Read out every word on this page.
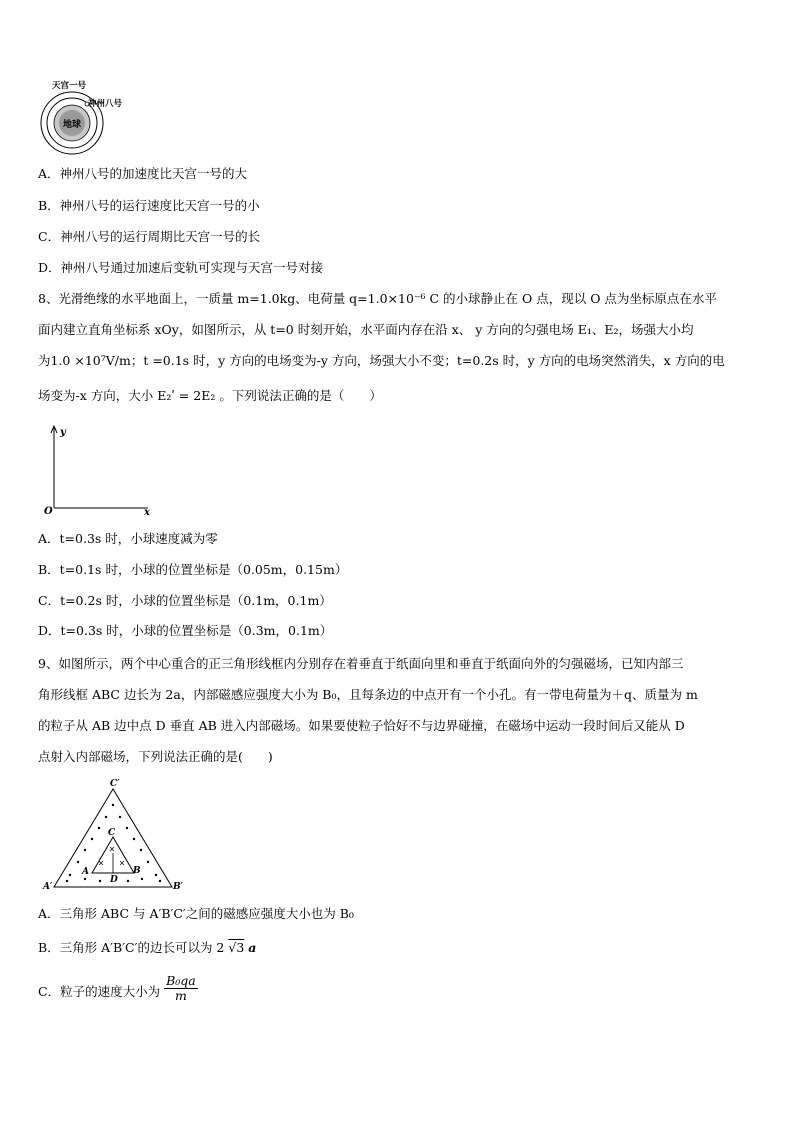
天宫一号
神州八号
地球
A．神州八号的加速度比天宫一号的大
B．神州八号的运行速度比天宫一号的小
C．神州八号的运行周期比天宫一号的长
D．神州八号通过加速后变轨可实现与天宫一号对接
8、光滑绝缘的水平地面上，一质量 m=1.0kg、电荷量 q=1.0×10⁻⁶ C 的小球静止在 O 点，现以 O 点为坐标原点在水平
面内建立直角坐标系 xOy，如图所示，从 t=0 时刻开始，水平面内存在沿 x、 y 方向的匀强电场 E₁、E₂，场强大小均
为1.0 ×10⁷V/m；t =0.1s 时，y 方向的电场变为-y 方向，场强大小不变；t=0.2s 时，y 方向的电场突然消失，x 方向的电
场变为-x 方向，大小 E₂ʹ = 2E₂ 。下列说法正确的是（　　）
y
x
O
A．t=0.3s 时，小球速度减为零
B．t=0.1s 时，小球的位置坐标是（0.05m，0.15m）
C．t=0.2s 时，小球的位置坐标是（0.1m，0.1m）
D．t=0.3s 时，小球的位置坐标是（0.3m，0.1m）
9、如图所示，两个中心重合的正三角形线框内分别存在着垂直于纸面向里和垂直于纸面向外的匀强磁场，已知内部三
角形线框 ABC 边长为 2a，内部磁感应强度大小为 B₀，且每条边的中点开有一个小孔。有一带电荷量为＋q、质量为 m
的粒子从 AB 边中点 D 垂直 AB 进入内部磁场。如果要使粒子恰好不与边界碰撞，在磁场中运动一段时间后又能从 D
点射入内部磁场，下列说法正确的是(　　)
C′
A′	B′
C
A	B
D
A．三角形 ABC 与 A′B′C′之间的磁感应强度大小也为 B₀
B．三角形 A′B′C′的边长可以为 2 √3 a
C．粒子的速度大小为 $\frac{\text{B₀qa}}{m}$
